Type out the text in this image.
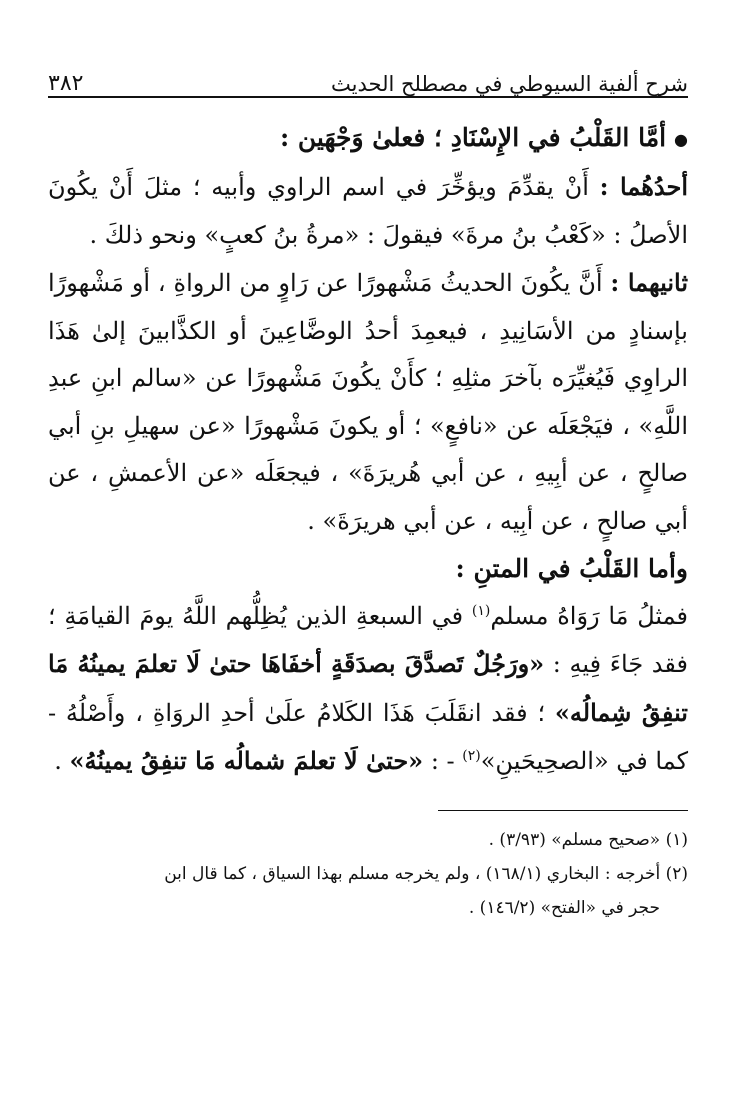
شرح ألفية السيوطي في مصطلح الحديث
٣٨٢

●أمَّا القَلْبُ في الإِسْنَادِ ؛ فعلىٰ وَجْهَين :

أحدُهُما : أَنْ يقدِّمَ ويؤخِّرَ في اسم الراوي وأبيه ؛ مثلَ أَنْ يكُونَ الأصلُ : «كَعْبُ بنُ مرةَ» فيقولَ : «مرةُ بنُ كعبٍ» ونحو ذلكَ .

ثانيهما : أَنَّ يكُونَ الحديثُ مَشْهورًا عن رَاوٍ من الرواةِ ، أو مَشْهورًا بإسنادٍ من الأسَانِيدِ ، فيعمِدَ أحدُ الوضَّاعِينَ أو الكذَّابينَ إلىٰ هَذَا الراوِي فَيُغيِّرَه بآخرَ مثلِهِ ؛ كأَنْ يكُونَ مَشْهورًا عن «سالم ابنِ عبدِ اللَّهِ» ، فيَجْعَلَه عن «نافعٍ» ؛ أو يكونَ مَشْهورًا «عن سهيلِ بنِ أبي صالحٍ ، عن أبِيهِ ، عن أبي هُريرَةَ» ، فيجعَلَه «عن الأعمشِ ، عن أبي صالحٍ ، عن أبِيه ، عن أبي هريرَةَ» .

وأما القَلْبُ في المتنِ :

فمثلُ مَا رَوَاهُ مسلم$^{(١)}$ في السبعةِ الذين يُظِلُّهم اللَّهُ يومَ القيامَةِ ؛ فقد جَاءَ فِيهِ : «ورَجُلٌ تَصدَّقَ بصدَقَةٍ أخفَاهَا حتىٰ لَا تعلمَ يمينُهُ مَا تنفِقُ شِمالُه» ؛ فقد انقَلَبَ هَذَا الكَلامُ علَىٰ أحدِ الروَاةِ ، وأَصْلُهُ - كما في «الصحِيحَينِ»$^{(٢)}$ - : «حتىٰ لَا تعلمَ شمالُه مَا تنفِقُ يمينُهُ» .

(١) «صحيح مسلم» (٣/٩٣) .

(٢) أخرجه : البخاري (١٦٨/١) ، ولم يخرجه مسلم بهذا السياق ، كما قال ابن

حجر في «الفتح» (١٤٦/٢) .
